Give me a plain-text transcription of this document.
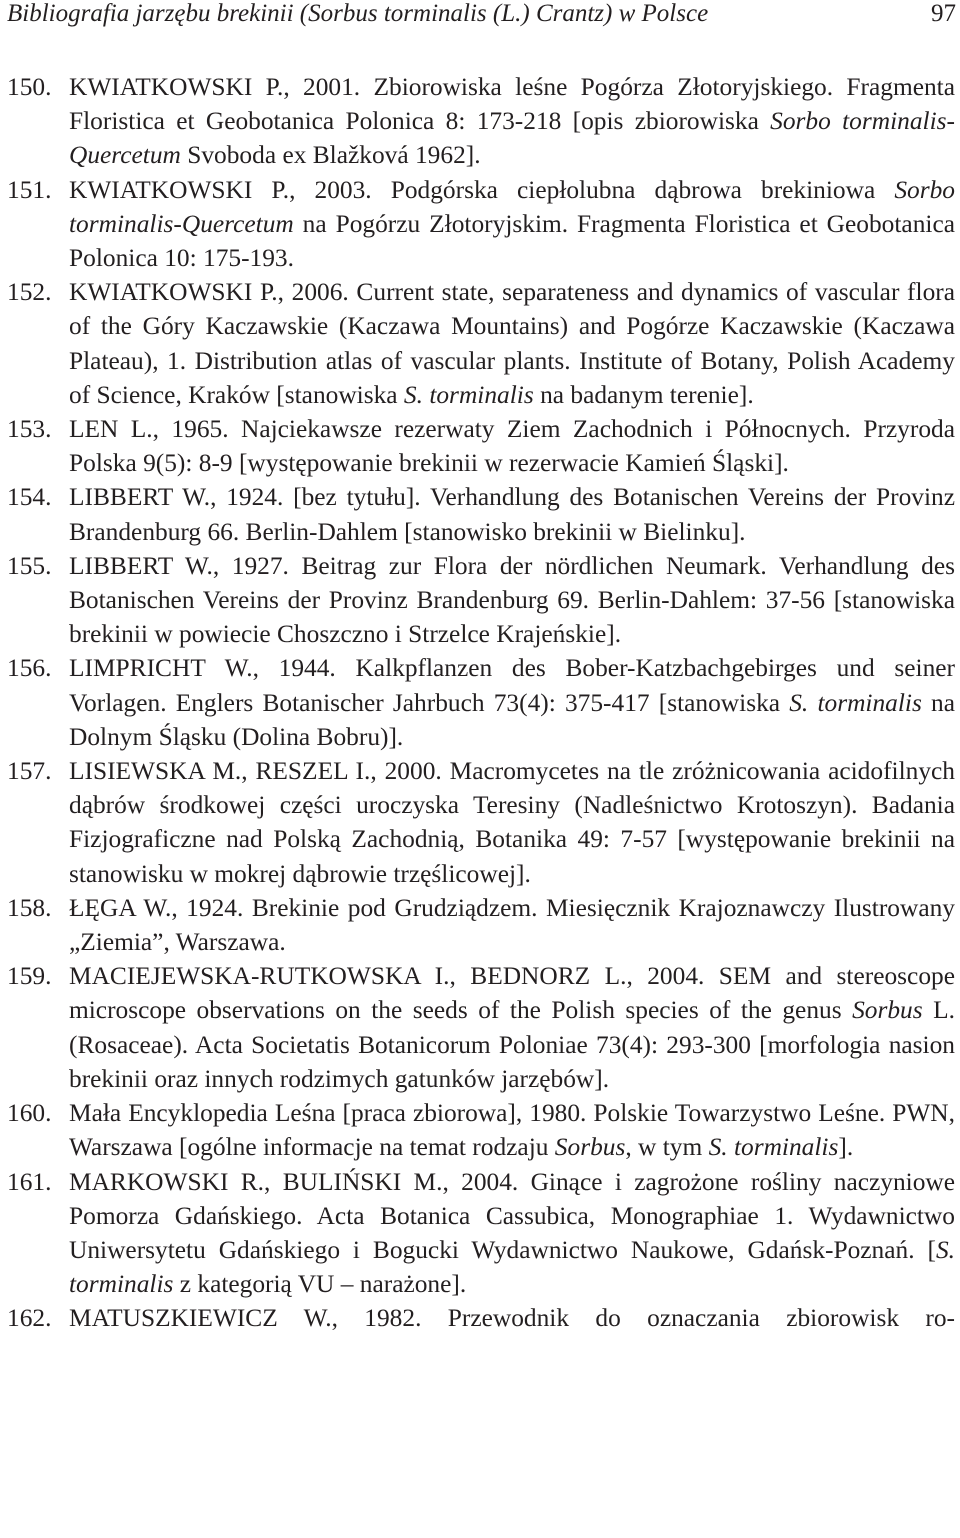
Bibliografia jarzębu brekinii (Sorbus torminalis (L.) Crantz) w Polsce	97
150. KWIATKOWSKI P., 2001. Zbiorowiska leśne Pogórza Złotoryjskiego. Fragmenta Floristica et Geobotanica Polonica 8: 173-218 [opis zbiorowiska Sorbo torminalis-Quercetum Svoboda ex Blažková 1962].
151. KWIATKOWSKI P., 2003. Podgórska ciepłolubna dąbrowa brekiniowa Sorbo torminalis-Quercetum na Pogórzu Złotoryjskim. Fragmenta Floristica et Geobotanica Polonica 10: 175-193.
152. KWIATKOWSKI P., 2006. Current state, separateness and dynamics of vascular flora of the Góry Kaczawskie (Kaczawa Mountains) and Pogórze Kaczawskie (Kaczawa Plateau), 1. Distribution atlas of vascular plants. Institute of Botany, Polish Academy of Science, Kraków [stanowiska S. torminalis na badanym terenie].
153. LEN L., 1965. Najciekawsze rezerwaty Ziem Zachodnich i Północnych. Przyroda Polska 9(5): 8-9 [występowanie brekinii w rezerwacie Kamień Śląski].
154. LIBBERT W., 1924. [bez tytułu]. Verhandlung des Botanischen Vereins der Provinz Brandenburg 66. Berlin-Dahlem [stanowisko brekinii w Bielinku].
155. LIBBERT W., 1927. Beitrag zur Flora der nördlichen Neumark. Verhandlung des Botanischen Vereins der Provinz Brandenburg 69. Berlin-Dahlem: 37-56 [stanowiska brekinii w powiecie Choszczno i Strzelce Krajeńskie].
156. LIMPRICHT W., 1944. Kalkpflanzen des Bober-Katzbachgebirges und seiner Vorlagen. Englers Botanischer Jahrbuch 73(4): 375-417 [stanowiska S. torminalis na Dolnym Śląsku (Dolina Bobru)].
157. LISIEWSKA M., RESZEL I., 2000. Macromycetes na tle zróżnicowania acidofilnych dąbrów środkowej części uroczyska Teresiny (Nadleśnictwo Krotoszyn). Badania Fizjograficzne nad Polską Zachodnią, Botanika 49: 7-57 [występowanie brekinii na stanowisku w mokrej dąbrowie trzęślicowej].
158. ŁĘGA W., 1924. Brekinie pod Grudziądzem. Miesięcznik Krajoznawczy Ilustrowany „Ziemia”, Warszawa.
159. MACIEJEWSKA-RUTKOWSKA I., BEDNORZ L., 2004. SEM and stereoscope microscope observations on the seeds of the Polish species of the genus Sorbus L. (Rosaceae). Acta Societatis Botanicorum Poloniae 73(4): 293-300 [morfologia nasion brekinii oraz innych rodzimych gatunków jarzębów].
160. Mała Encyklopedia Leśna [praca zbiorowa], 1980. Polskie Towarzystwo Leśne. PWN, Warszawa [ogólne informacje na temat rodzaju Sorbus, w tym S. torminalis].
161. MARKOWSKI R., BULIŃSKI M., 2004. Ginące i zagrożone rośliny naczyniowe Pomorza Gdańskiego. Acta Botanica Cassubica, Monographiae 1. Wydawnictwo Uniwersytetu Gdańskiego i Bogucki Wydawnictwo Naukowe, Gdańsk-Poznań. [S. torminalis z kategorią VU – narażone].
162. MATUSZKIEWICZ W., 1982. Przewodnik do oznaczania zbiorowisk ro-
